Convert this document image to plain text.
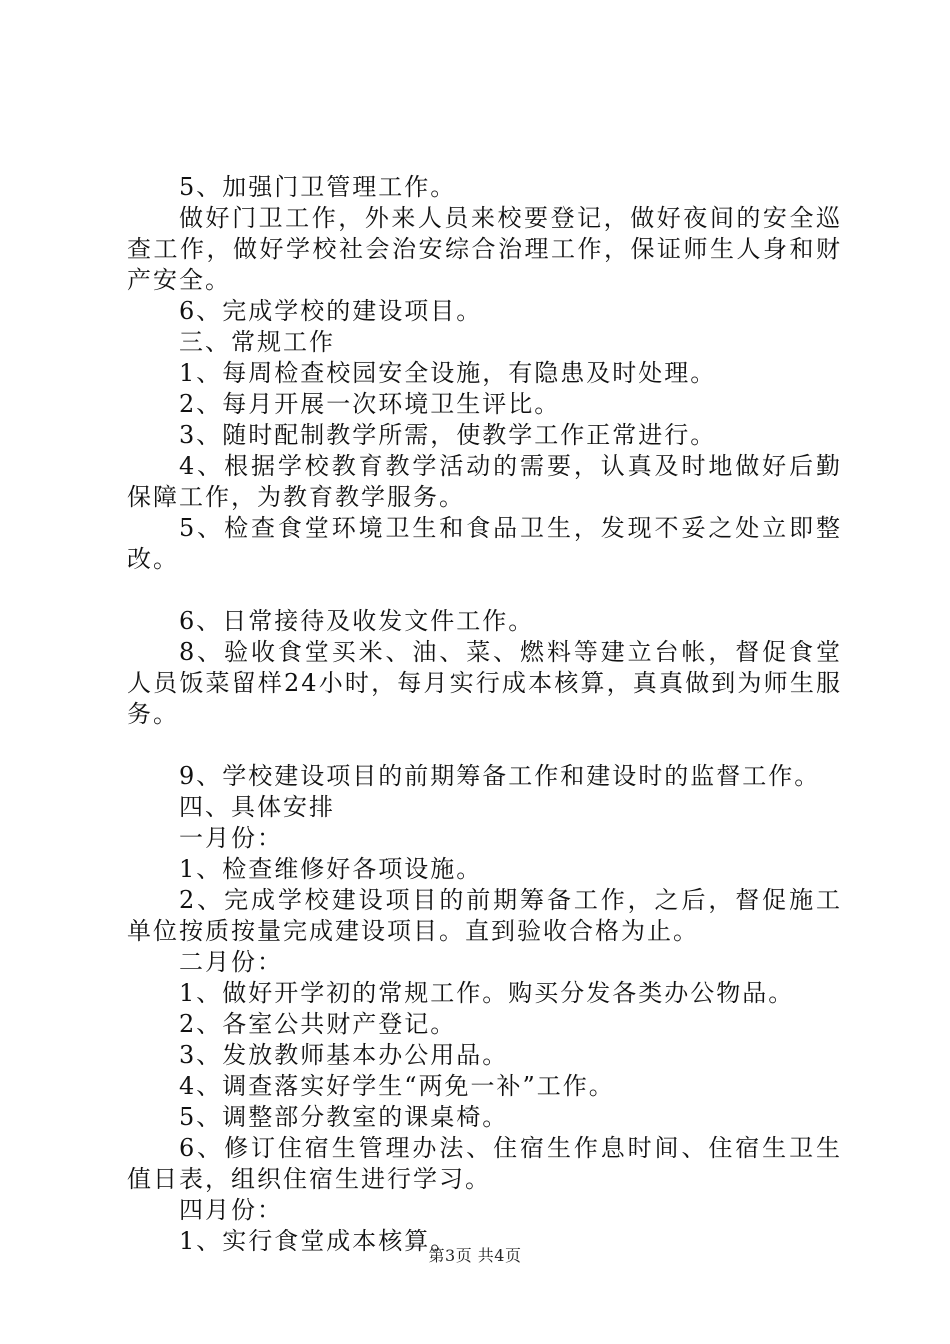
5、加强门卫管理工作。

做好门卫工作，外来人员来校要登记，做好夜间的安全巡查工作，做好学校社会治安综合治理工作，保证师生人身和财产安全。

6、完成学校的建设项目。

三、常规工作

1、每周检查校园安全设施，有隐患及时处理。

2、每月开展一次环境卫生评比。

3、随时配制教学所需，使教学工作正常进行。

4、根据学校教育教学活动的需要，认真及时地做好后勤保障工作，为教育教学服务。

5、检查食堂环境卫生和食品卫生，发现不妥之处立即整改。

6、日常接待及收发文件工作。

8、验收食堂买米、油、菜、燃料等建立台帐，督促食堂人员饭菜留样24小时，每月实行成本核算，真真做到为师生服务。

9、学校建设项目的前期筹备工作和建设时的监督工作。

四、具体安排

一月份：

1、检查维修好各项设施。

2、完成学校建设项目的前期筹备工作，之后，督促施工单位按质按量完成建设项目。直到验收合格为止。

二月份：

1、做好开学初的常规工作。购买分发各类办公物品。

2、各室公共财产登记。

3、发放教师基本办公用品。

4、调查落实好学生“两免一补”工作。

5、调整部分教室的课桌椅。

6、修订住宿生管理办法、住宿生作息时间、住宿生卫生值日表，组织住宿生进行学习。

四月份：

1、实行食堂成本核算。

第3页 共4页
